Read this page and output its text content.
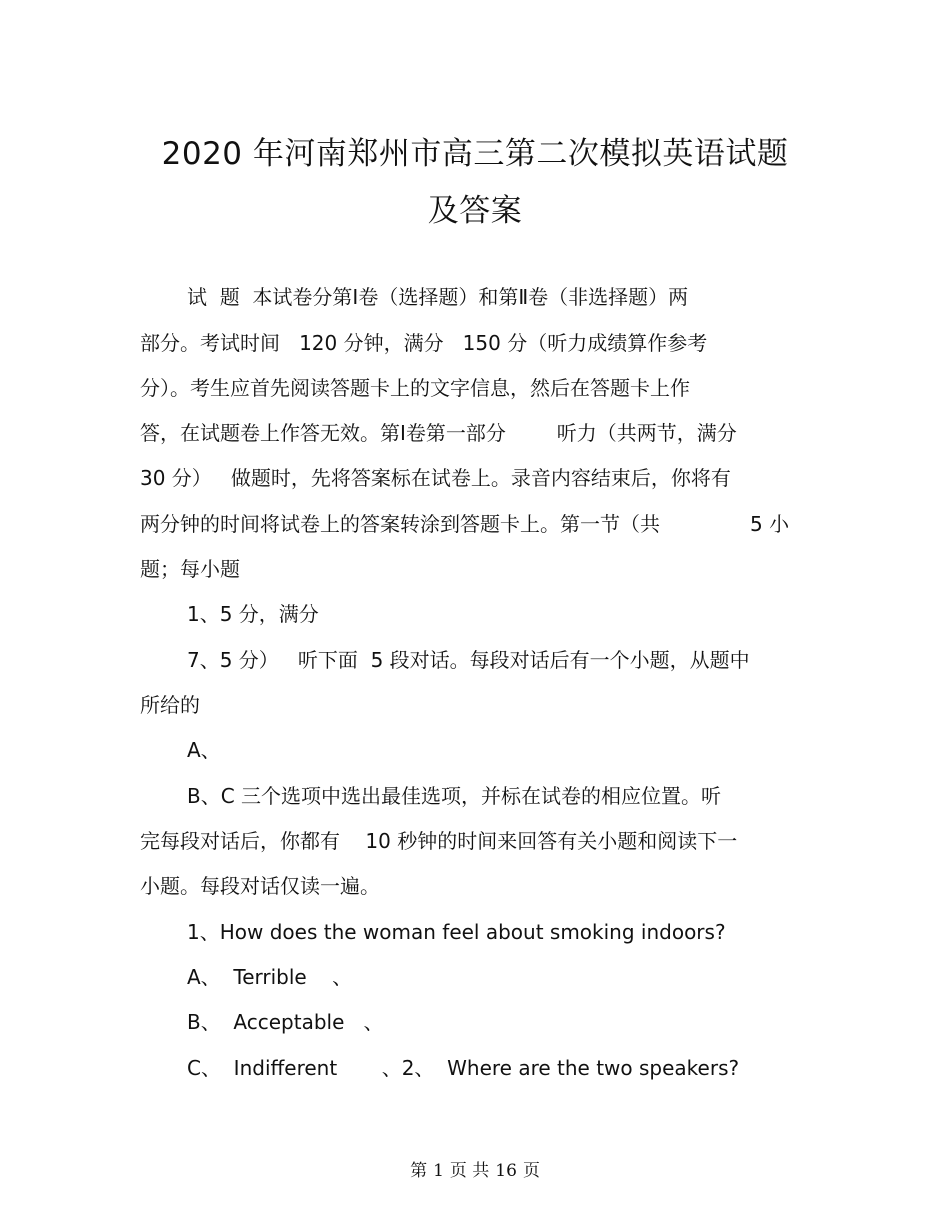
2020 年河南郑州市高三第二次模拟英语试题
及答案
试  题  本试卷分第Ⅰ卷（选择题）和第Ⅱ卷（非选择题）两
部分。考试时间   120 分钟，满分   150 分（听力成绩算作参考
分）。考生应首先阅读答题卡上的文字信息，然后在答题卡上作
答，在试题卷上作答无效。第Ⅰ卷第一部分        听力（共两节，满分
30 分）   做题时，先将答案标在试卷上。录音内容结束后，你将有
两分钟的时间将试卷上的答案转涂到答题卡上。第一节（共	5 小
题；每小题
1、5 分，满分
7、5 分）   听下面  5 段对话。每段对话后有一个小题，从题中
所给的
A、
B、C 三个选项中选出最佳选项，并标在试卷的相应位置。听
完每段对话后，你都有    10 秒钟的时间来回答有关小题和阅读下一
小题。每段对话仅读一遍。
1、How does the woman feel about smoking indoors?
A、  Terrible    、
B、  Acceptable   、
C、  Indifferent       、2、  Where are the two speakers?
第 1 页 共 16 页
